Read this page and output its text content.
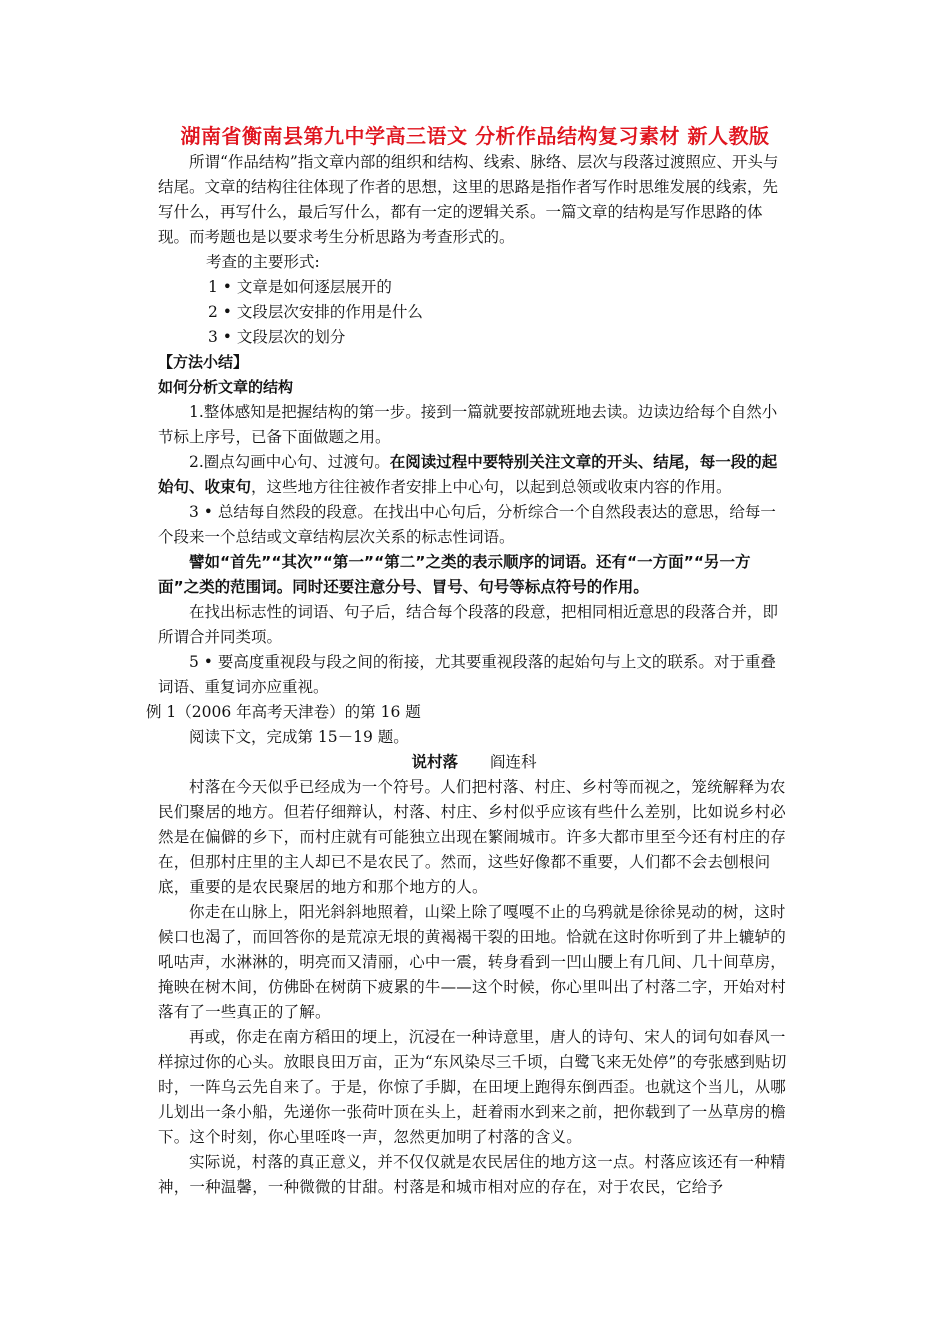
湖南省衡南县第九中学高三语文 分析作品结构复习素材 新人教版

所谓“作品结构”指文章内部的组织和结构、线索、脉络、层次与段落过渡照应、开头与结尾。文章的结构往往体现了作者的思想，这里的思路是指作者写作时思维发展的线索，先写什么，再写什么，最后写什么，都有一定的逻辑关系。一篇文章的结构是写作思路的体现。而考题也是以要求考生分析思路为考查形式的。

考查的主要形式:

1 • 文章是如何逐层展开的

2 • 文段层次安排的作用是什么

3 • 文段层次的划分

【方法小结】

如何分析文章的结构

1.整体感知是把握结构的第一步。接到一篇就要按部就班地去读。边读边给每个自然小节标上序号，已备下面做题之用。

2.圈点勾画中心句、过渡句。在阅读过程中要特别关注文章的开头、结尾，每一段的起始句、收束句，这些地方往往被作者安排上中心句，以起到总领或收束内容的作用。

3 • 总结每自然段的段意。在找出中心句后，分析综合一个自然段表达的意思，给每一个段来一个总结或文章结构层次关系的标志性词语。

譬如“首先”“其次”“第一”“第二”之类的表示顺序的词语。还有“一方面”“另一方面”之类的范围词。同时还要注意分号、冒号、句号等标点符号的作用。

在找出标志性的词语、句子后，结合每个段落的段意，把相同相近意思的段落合并，即所谓合并同类项。

5 • 要高度重视段与段之间的衔接，尤其要重视段落的起始句与上文的联系。对于重叠词语、重复词亦应重视。

例 1（2006 年高考天津卷）的第 16 题

阅读下文，完成第 15－19 题。

说村落 阎连科

村落在今天似乎已经成为一个符号。人们把村落、村庄、乡村等而视之，笼统解释为农民们聚居的地方。但若仔细辩认，村落、村庄、乡村似乎应该有些什么差别，比如说乡村必然是在偏僻的乡下，而村庄就有可能独立出现在繁闹城市。许多大都市里至今还有村庄的存在，但那村庄里的主人却已不是农民了。然而，这些好像都不重要，人们都不会去刨根问底，重要的是农民聚居的地方和那个地方的人。

你走在山脉上，阳光斜斜地照着，山梁上除了嘎嘎不止的乌鸦就是徐徐晃动的树，这时候口也渴了，而回答你的是荒凉无垠的黄褐褐干裂的田地。恰就在这时你听到了井上辘轳的吼咕声，水淋淋的，明亮而又清丽，心中一震，转身看到一凹山腰上有几间、几十间草房，掩映在树木间，仿佛卧在树荫下疲累的牛——这个时候，你心里叫出了村落二字，开始对村落有了一些真正的了解。

再或，你走在南方稻田的埂上，沉浸在一种诗意里，唐人的诗句、宋人的词句如春风一样掠过你的心头。放眼良田万亩，正为“东风染尽三千顷，白鹭飞来无处停”的夸张感到贴切时，一阵乌云先自来了。于是，你惊了手脚，在田埂上跑得东倒西歪。也就这个当儿，从哪儿划出一条小船，先递你一张荷叶顶在头上，赶着雨水到来之前，把你载到了一丛草房的檐下。这个时刻，你心里咥咚一声，忽然更加明了村落的含义。

实际说，村落的真正意义，并不仅仅就是农民居住的地方这一点。村落应该还有一种精神，一种温馨，一种微微的甘甜。村落是和城市相对应的存在，对于农民，它给予
